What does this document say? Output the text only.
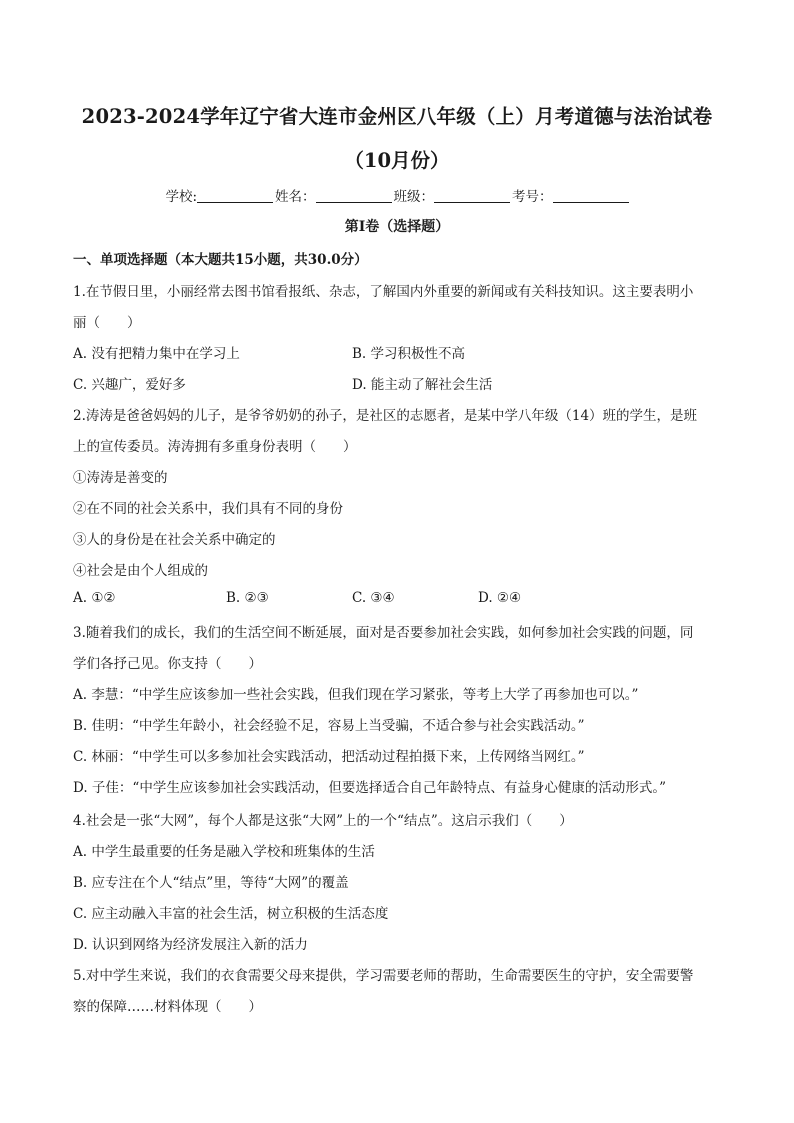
2023-2024学年辽宁省大连市金州区八年级（上）月考道德与法治试卷
（10月份）
学校:	姓名：	班级：	考号：
第I卷（选择题）
一、单项选择题（本大题共15小题，共30.0分）
1.在节假日里，小丽经常去图书馆看报纸、杂志，了解国内外重要的新闻或有关科技知识。这主要表明小
丽（　　）
A. 没有把精力集中在学习上	B. 学习积极性不高
C. 兴趣广，爱好多	D. 能主动了解社会生活
2.涛涛是爸爸妈妈的儿子，是爷爷奶奶的孙子，是社区的志愿者，是某中学八年级（14）班的学生，是班
上的宣传委员。涛涛拥有多重身份表明（　　）
①涛涛是善变的
②在不同的社会关系中，我们具有不同的身份
③人的身份是在社会关系中确定的
④社会是由个人组成的
A. ①②	B. ②③	C. ③④	D. ②④
3.随着我们的成长，我们的生活空间不断延展，面对是否要参加社会实践，如何参加社会实践的问题，同
学们各抒己见。你支持（　　）
A. 李慧：“中学生应该参加一些社会实践，但我们现在学习紧张，等考上大学了再参加也可以。”
B. 佳明：“中学生年龄小，社会经验不足，容易上当受骗，不适合参与社会实践活动。”
C. 林丽：“中学生可以多参加社会实践活动，把活动过程拍摄下来，上传网络当网红。”
D. 子佳：“中学生应该参加社会实践活动，但要选择适合自己年龄特点、有益身心健康的活动形式。”
4.社会是一张“大网”，每个人都是这张“大网”上的一个“结点”。这启示我们（　　）
A. 中学生最重要的任务是融入学校和班集体的生活
B. 应专注在个人“结点”里，等待“大网”的覆盖
C. 应主动融入丰富的社会生活，树立积极的生活态度
D. 认识到网络为经济发展注入新的活力
5.对中学生来说，我们的衣食需要父母来提供，学习需要老师的帮助，生命需要医生的守护，安全需要警
察的保障……材料体现（　　）
